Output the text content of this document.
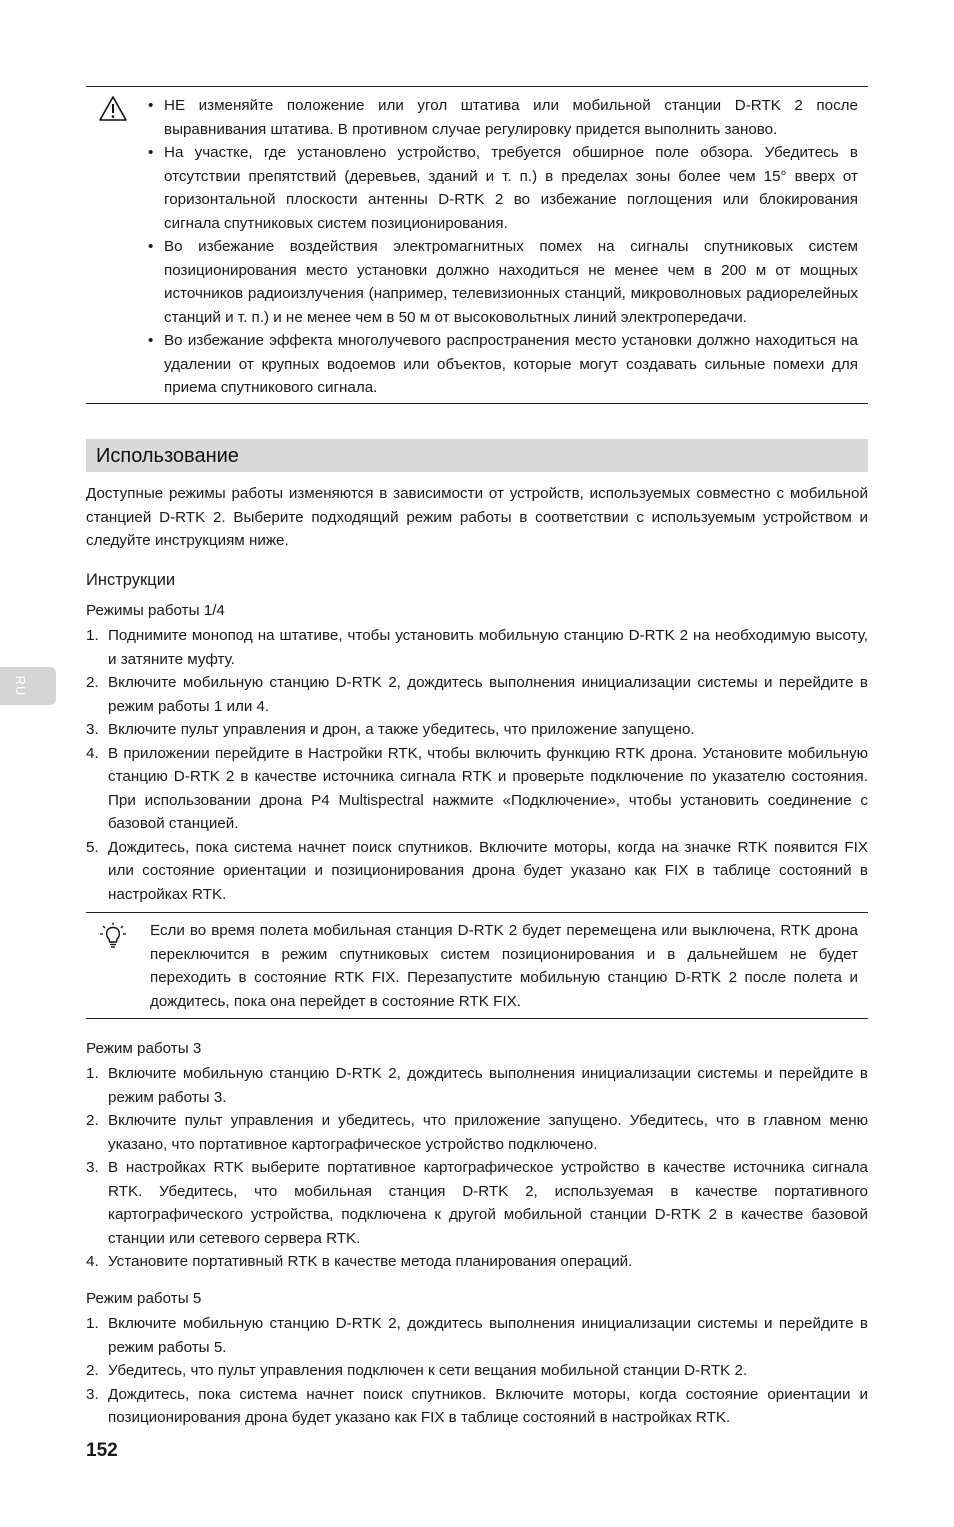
RU
• НЕ изменяйте положение или угол штатива или мобильной станции D-RTK 2 после выравнивания штатива. В противном случае регулировку придется выполнить заново.
• На участке, где установлено устройство, требуется обширное поле обзора. Убедитесь в отсутствии препятствий (деревьев, зданий и т. п.) в пределах зоны более чем 15° вверх от горизонтальной плоскости антенны D-RTK 2 во избежание поглощения или блокирования сигнала спутниковых систем позиционирования.
• Во избежание воздействия электромагнитных помех на сигналы спутниковых систем позиционирования место установки должно находиться не менее чем в 200 м от мощных источников радиоизлучения (например, телевизионных станций, микроволновых радиорелейных станций и т. п.) и не менее чем в 50 м от высоковольтных линий электропередачи.
• Во избежание эффекта многолучевого распространения место установки должно находиться на удалении от крупных водоемов или объектов, которые могут создавать сильные помехи для приема спутникового сигнала.
Использование

Доступные режимы работы изменяются в зависимости от устройств, используемых совместно с мобильной станцией D-RTK 2. Выберите подходящий режим работы в соответствии с используемым устройством и следуйте инструкциям ниже.

Инструкции

Режимы работы 1/4

1. Поднимите монопод на штативе, чтобы установить мобильную станцию D-RTK 2 на необходимую высоту, и затяните муфту.
2. Включите мобильную станцию D-RTK 2, дождитесь выполнения инициализации системы и перейдите в режим работы 1 или 4.
3. Включите пульт управления и дрон, а также убедитесь, что приложение запущено.
4. В приложении перейдите в Настройки RTK, чтобы включить функцию RTK дрона. Установите мобильную станцию D-RTK 2 в качестве источника сигнала RTK и проверьте подключение по указателю состояния. При использовании дрона P4 Multispectral нажмите «Подключение», чтобы установить соединение с базовой станцией.
5. Дождитесь, пока система начнет поиск спутников. Включите моторы, когда на значке RTK появится FIX или состояние ориентации и позиционирования дрона будет указано как FIX в таблице состояний в настройках RTK.

Если во время полета мобильная станция D-RTK 2 будет перемещена или выключена, RTK дрона переключится в режим спутниковых систем позиционирования и в дальнейшем не будет переходить в состояние RTK FIX. Перезапустите мобильную станцию D-RTK 2 после полета и дождитесь, пока она перейдет в состояние RTK FIX.

Режим работы 3

1. Включите мобильную станцию D-RTK 2, дождитесь выполнения инициализации системы и перейдите в режим работы 3.
2. Включите пульт управления и убедитесь, что приложение запущено. Убедитесь, что в главном меню указано, что портативное картографическое устройство подключено.
3. В настройках RTK выберите портативное картографическое устройство в качестве источника сигнала RTK. Убедитесь, что мобильная станция D-RTK 2, используемая в качестве портативного картографического устройства, подключена к другой мобильной станции D-RTK 2 в качестве базовой станции или сетевого сервера RTK.
4. Установите портативный RTK в качестве метода планирования операций.

Режим работы 5

1. Включите мобильную станцию D-RTK 2, дождитесь выполнения инициализации системы и перейдите в режим работы 5.
2. Убедитесь, что пульт управления подключен к сети вещания мобильной станции D-RTK 2.
3. Дождитесь, пока система начнет поиск спутников. Включите моторы, когда состояние ориентации и позиционирования дрона будет указано как FIX в таблице состояний в настройках RTK.

152
